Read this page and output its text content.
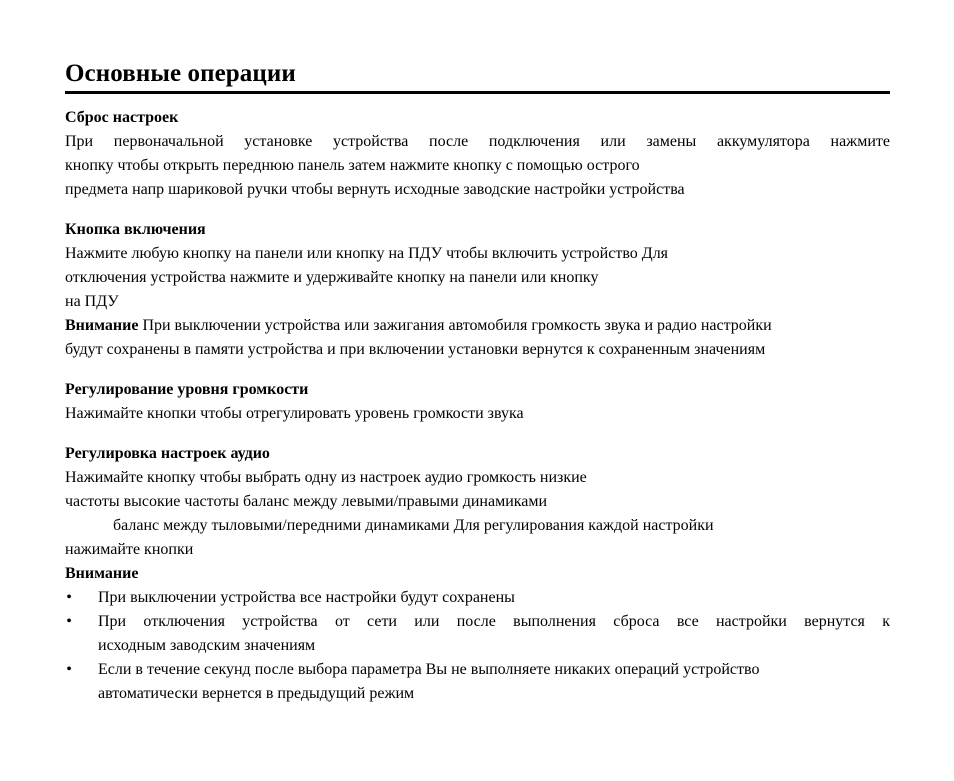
Основные операции
Сброс настроек
При первоначальной установке устройства после подключения или замены аккумулятора нажмите
кнопку чтобы открыть переднюю панель затем нажмите кнопку с помощью острого
предмета напр шариковой ручки чтобы вернуть исходные заводские настройки устройства
Кнопка включения
Нажмите любую кнопку на панели или кнопку на ПДУ чтобы включить устройство Для
отключения устройства нажмите и удерживайте кнопку на панели или кнопку
на ПДУ
Внимание При выключении устройства или зажигания автомобиля громкость звука и радио настройки
будут сохранены в памяти устройства и при включении установки вернутся к сохраненным значениям
Регулирование уровня громкости
Нажимайте кнопки чтобы отрегулировать уровень громкости звука
Регулировка настроек аудио
Нажимайте кнопку чтобы выбрать одну из настроек аудио громкость низкие
частоты высокие частоты баланс между левыми/правыми динамиками
баланс между тыловыми/передними динамиками Для регулирования каждой настройки
нажимайте кнопки
Внимание
• При выключении устройства все настройки будут сохранены
• При отключения устройства от сети или после выполнения сброса все настройки вернутся к
исходным заводским значениям
• Если в течение секунд после выбора параметра Вы не выполняете никаких операций устройство
автоматически вернется в предыдущий режим
